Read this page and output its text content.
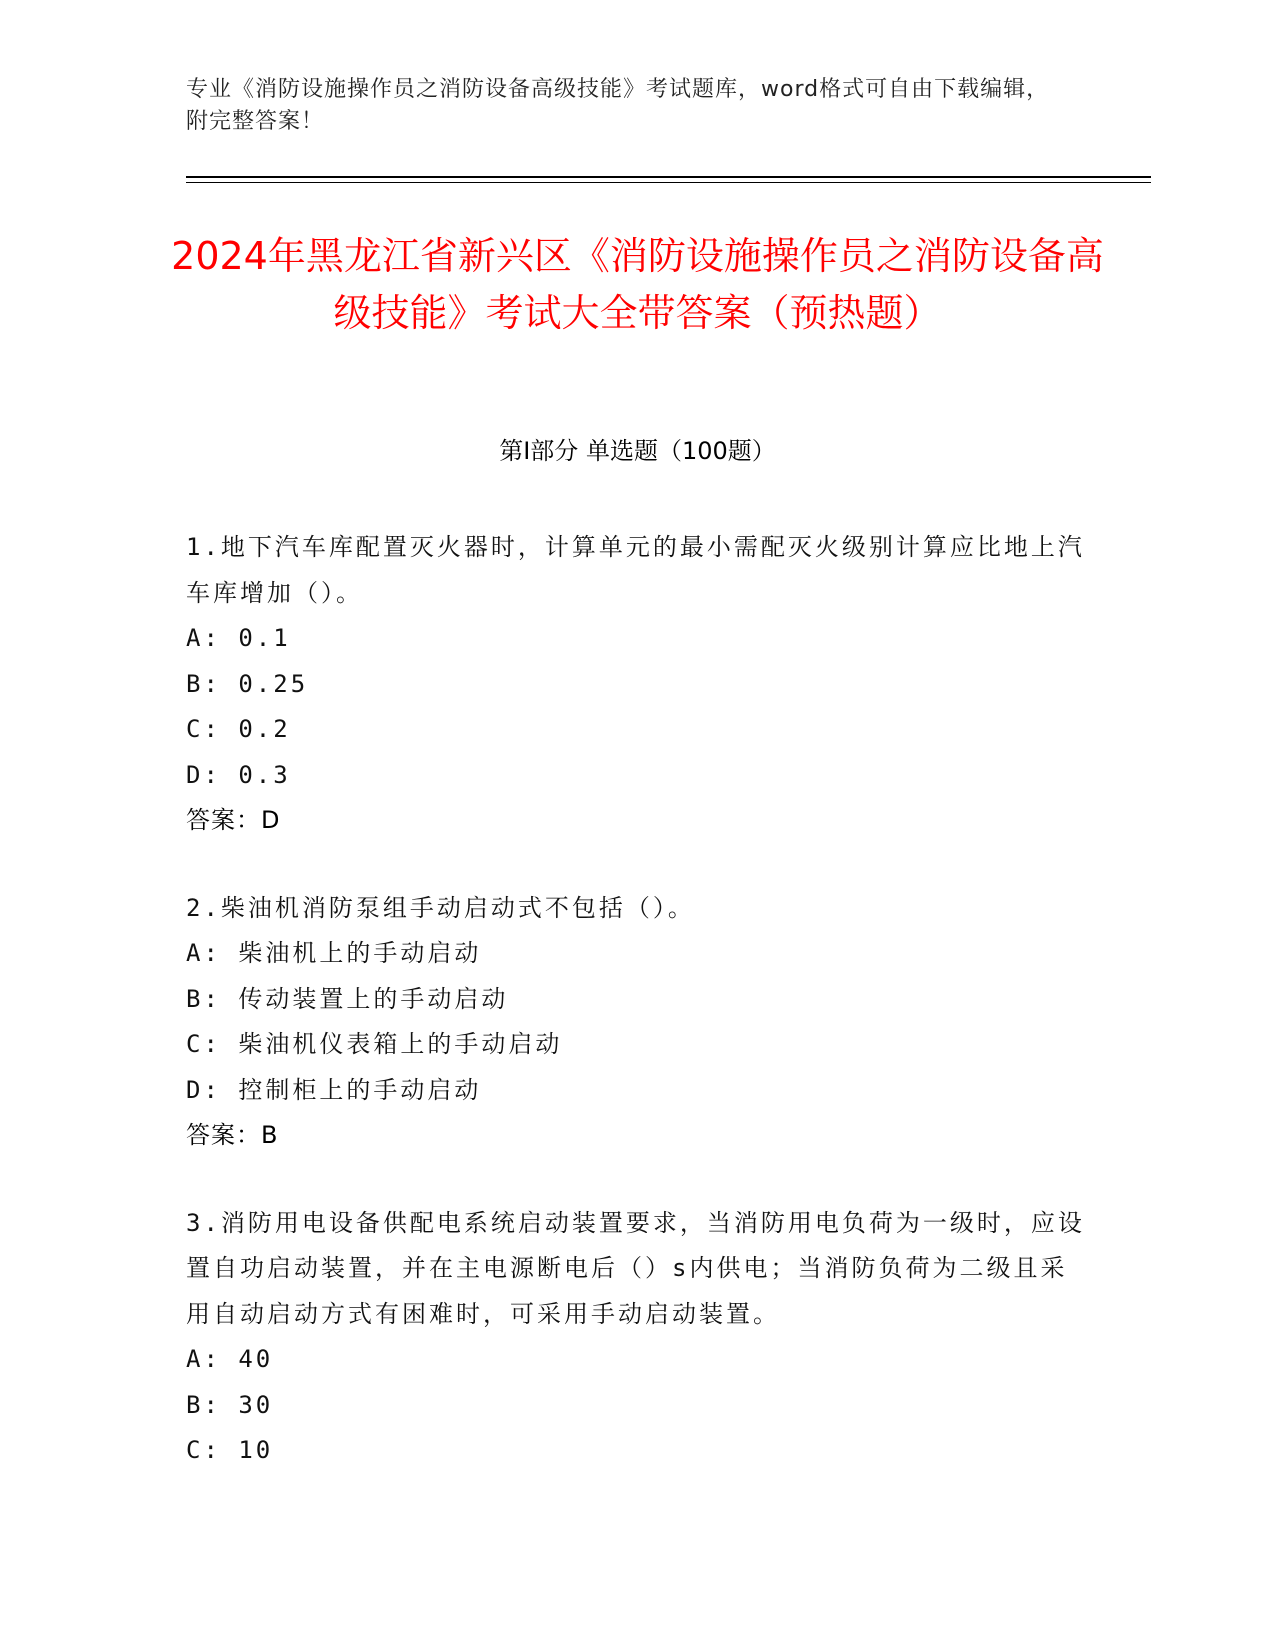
专业《消防设施操作员之消防设备高级技能》考试题库，word格式可自由下载编辑，附完整答案！
2024年黑龙江省新兴区《消防设施操作员之消防设备高级技能》考试大全带答案（预热题）
第I部分 单选题（100题）

1.地下汽车库配置灭火器时，计算单元的最小需配灭火级别计算应比地上汽车库增加（）。

A: 0.1

B: 0.25

C: 0.2

D: 0.3

答案：D

2.柴油机消防泵组手动启动式不包括（）。

A: 柴油机上的手动启动

B: 传动装置上的手动启动

C: 柴油机仪表箱上的手动启动

D: 控制柜上的手动启动

答案：B

3.消防用电设备供配电系统启动装置要求，当消防用电负荷为一级时，应设置自功启动装置，并在主电源断电后（）s内供电；当消防负荷为二级且采用自动启动方式有困难时，可采用手动启动装置。

A: 40

B: 30

C: 10
